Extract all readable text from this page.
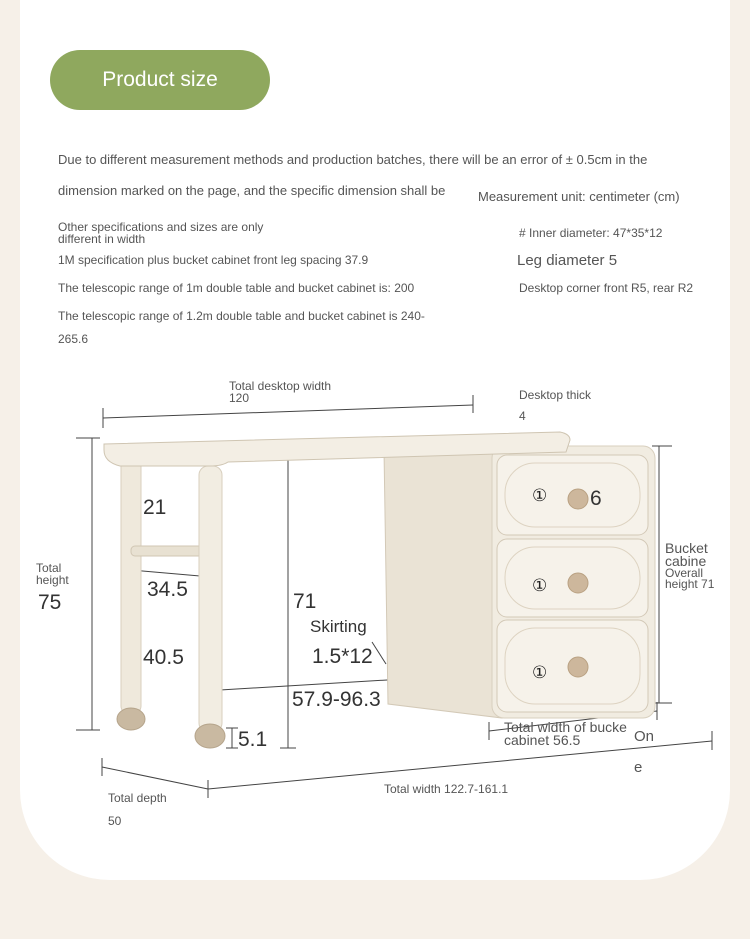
Product size
Due to different measurement methods and production batches, there will be an error of ± 0.5cm in the
dimension marked on the page, and the specific dimension shall be	Measurement unit: centimeter (cm)
Other specifications and sizes are only
different in width	# Inner diameter: 47*35*12
1M specification plus bucket cabinet front leg spacing 37.9	Leg diameter 5
The telescopic range of 1m double table and bucket cabinet is: 200	Desktop corner front R5, rear R2
The telescopic range of 1.2m double table and bucket cabinet is 240-
265.6
Total desktop width
120	Desktop thick
4
Total
height
75
21
34.5
40.5
71
Skirting
1.5*12
57.9-96.3
5.1
① 6
①
①
Bucket
cabine
Overall
height 71
Total width of bucke
cabinet 56.5	On
e
Total depth
50
Total width 122.7-161.1
